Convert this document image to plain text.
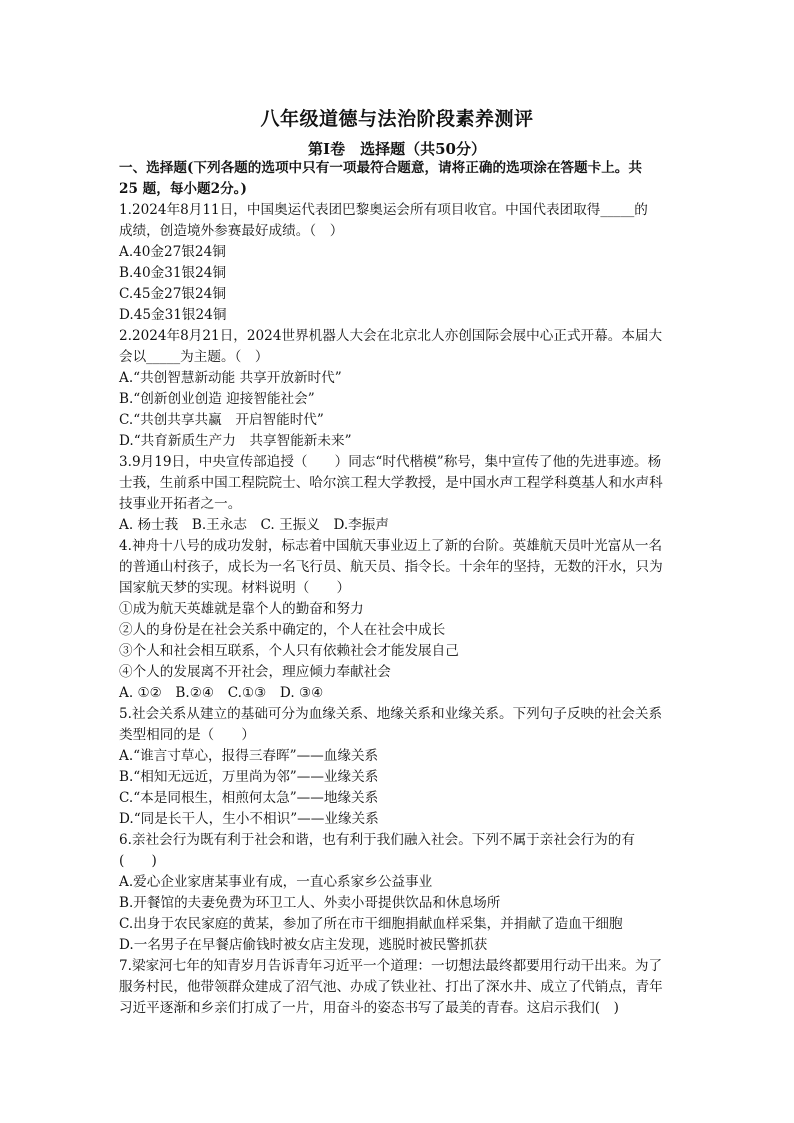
八年级道德与法治阶段素养测评
第Ⅰ卷　选择题（共50分）
一、选择题(下列各题的选项中只有一项最符合题意，请将正确的选项涂在答题卡上。共
25 题，每小题2分。)
1.2024年8月11日，中国奥运代表团巴黎奥运会所有项目收官。中国代表团取得_____的
成绩，创造境外参赛最好成绩。（　）
A.40金27银24铜
B.40金31银24铜
C.45金27银24铜
D.45金31银24铜
2.2024年8月21日，2024世界机器人大会在北京北人亦创国际会展中心正式开幕。本届大
会以_____为主题。（　）
A.“共创智慧新动能 共享开放新时代”
B.“创新创业创造 迎接智能社会”
C.“共创共享共赢　开启智能时代”
D.“共育新质生产力　共享智能新未来”
3.9月19日，中央宣传部追授（　　）同志“时代楷模”称号，集中宣传了他的先进事迹。杨
士莪，生前系中国工程院院士、哈尔滨工程大学教授，是中国水声工程学科奠基人和水声科
技事业开拓者之一。
A. 杨士莪　B.王永志　C. 王振义　D.李振声
4.神舟十八号的成功发射，标志着中国航天事业迈上了新的台阶。英雄航天员叶光富从一名
的普通山村孩子，成长为一名飞行员、航天员、指令长。十余年的坚持，无数的汗水，只为
国家航天梦的实现。材料说明（　　）
①成为航天英雄就是靠个人的勤奋和努力
②人的身份是在社会关系中确定的，个人在社会中成长
③个人和社会相互联系，个人只有依赖社会才能发展自己
④个人的发展离不开社会，理应倾力奉献社会
A. ①②　B.②④　C.①③　D. ③④
5.社会关系从建立的基础可分为血缘关系、地缘关系和业缘关系。下列句子反映的社会关系
类型相同的是（　　）
A.“谁言寸草心，报得三春晖”——血缘关系
B.“相知无远近，万里尚为邻”——业缘关系
C.“本是同根生，相煎何太急”——地缘关系
D.“同是长干人，生小不相识”——业缘关系
6.亲社会行为既有利于社会和谐，也有利于我们融入社会。下列不属于亲社会行为的有
(　　)
A.爱心企业家唐某事业有成，一直心系家乡公益事业
B.开餐馆的夫妻免费为环卫工人、外卖小哥提供饮品和休息场所
C.出身于农民家庭的黄某，参加了所在市干细胞捐献血样采集，并捐献了造血干细胞
D.一名男子在早餐店偷钱时被女店主发现，逃脱时被民警抓获
7.梁家河七年的知青岁月告诉青年习近平一个道理：一切想法最终都要用行动干出来。为了
服务村民，他带领群众建成了沼气池、办成了铁业社、打出了深水井、成立了代销点，青年
习近平逐渐和乡亲们打成了一片，用奋斗的姿态书写了最美的青春。这启示我们(　)
